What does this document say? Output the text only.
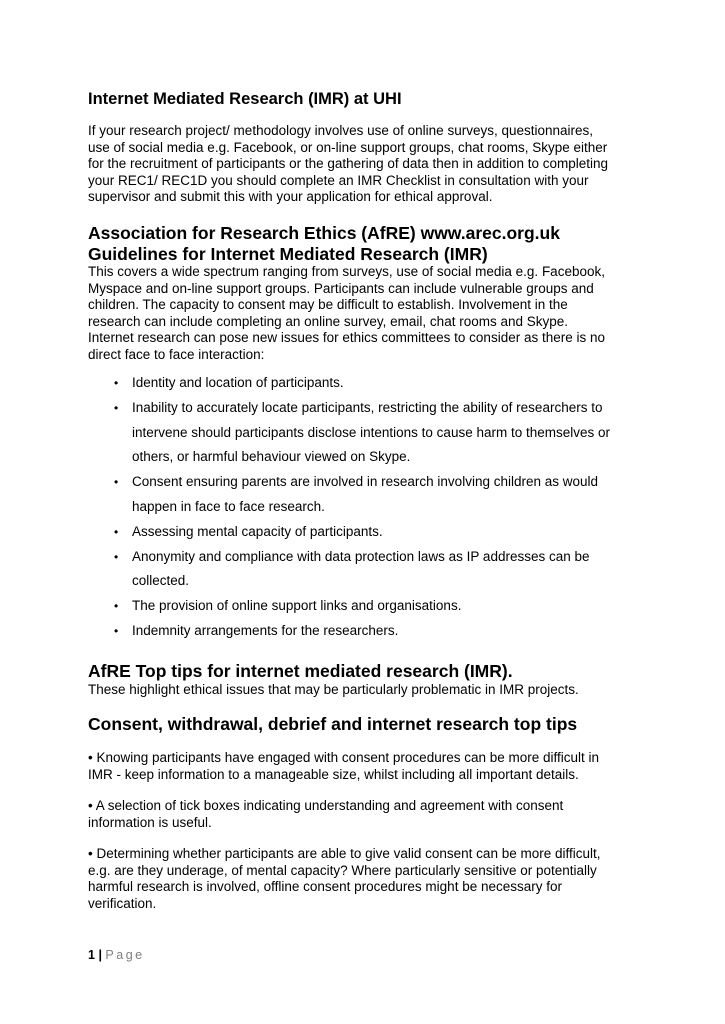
Internet Mediated Research (IMR) at UHI
If your research project/ methodology involves use of online surveys, questionnaires,
use of social media e.g. Facebook, or on-line support groups, chat rooms, Skype either
for the recruitment of participants or the gathering of data then in addition to completing
your REC1/ REC1D you should complete an IMR Checklist in consultation with your
supervisor and submit this with your application for ethical approval.
Association for Research Ethics (AfRE) www.arec.org.uk
Guidelines for Internet Mediated Research (IMR)
This covers a wide spectrum ranging from surveys, use of social media e.g. Facebook,
Myspace and on-line support groups. Participants can include vulnerable groups and
children. The capacity to consent may be difficult to establish. Involvement in the
research can include completing an online survey, email, chat rooms and Skype.
Internet research can pose new issues for ethics committees to consider as there is no
direct face to face interaction:
• Identity and location of participants.
• Inability to accurately locate participants, restricting the ability of researchers to
intervene should participants disclose intentions to cause harm to themselves or
others, or harmful behaviour viewed on Skype.
• Consent ensuring parents are involved in research involving children as would
happen in face to face research.
• Assessing mental capacity of participants.
• Anonymity and compliance with data protection laws as IP addresses can be
collected.
• The provision of online support links and organisations.
• Indemnity arrangements for the researchers.
AfRE Top tips for internet mediated research (IMR).
These highlight ethical issues that may be particularly problematic in IMR projects.
Consent, withdrawal, debrief and internet research top tips
• Knowing participants have engaged with consent procedures can be more difficult in
IMR - keep information to a manageable size, whilst including all important details.
• A selection of tick boxes indicating understanding and agreement with consent
information is useful.
• Determining whether participants are able to give valid consent can be more difficult,
e.g. are they underage, of mental capacity? Where particularly sensitive or potentially
harmful research is involved, offline consent procedures might be necessary for
verification.
1 | Page
